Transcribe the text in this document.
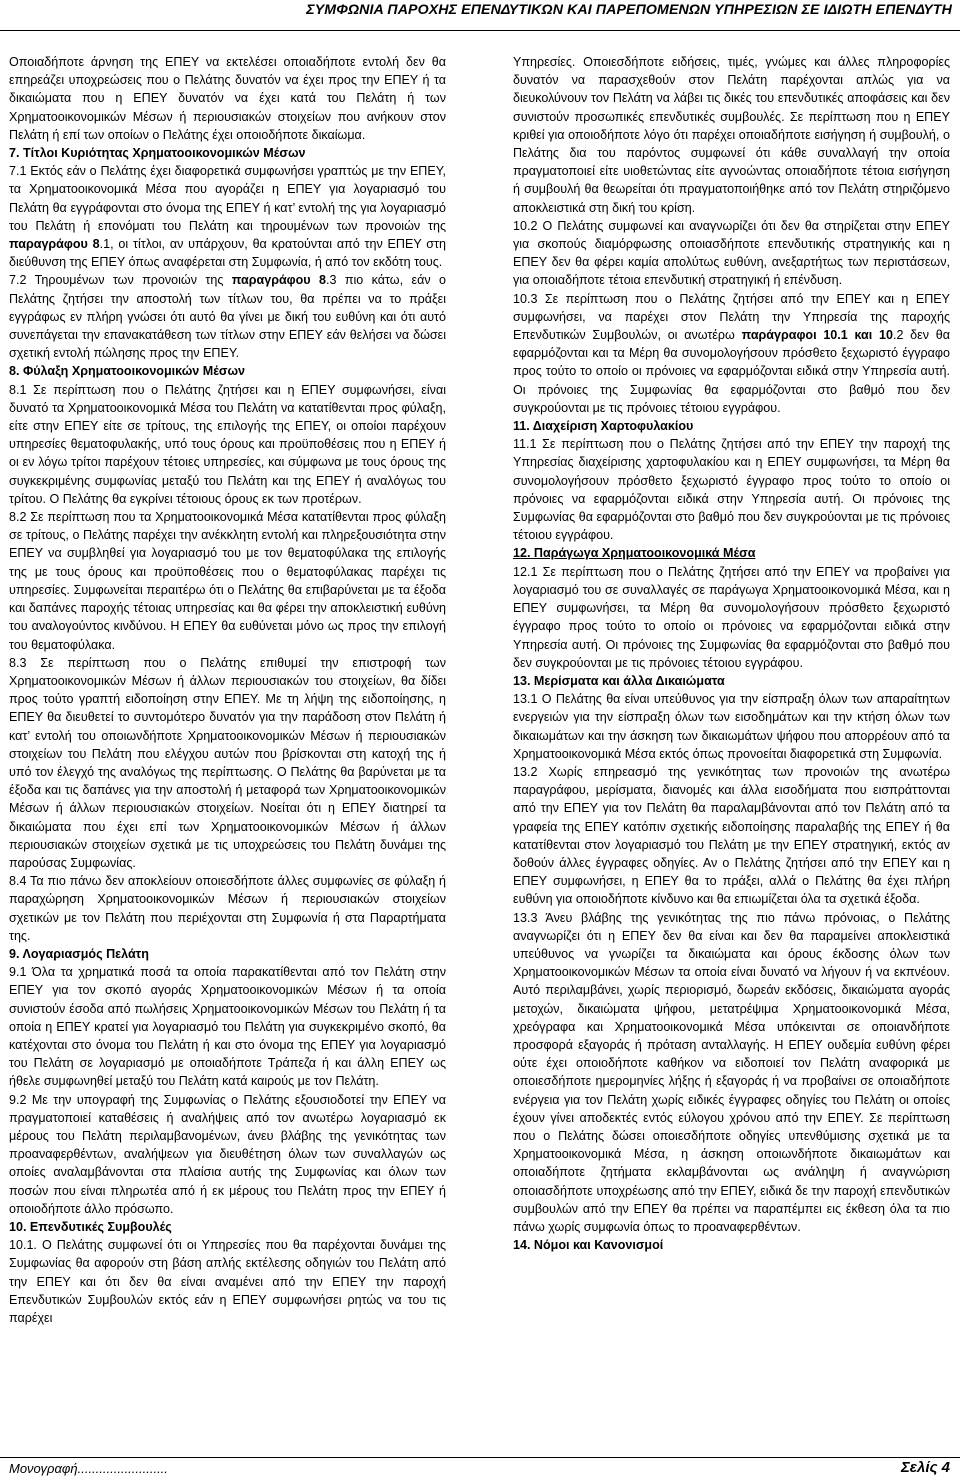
ΣΥΜΦΩΝΙΑ ΠΑΡΟΧΗΣ ΕΠΕΝΔΥΤΙΚΩΝ ΚΑΙ ΠΑΡΕΠΟΜΕΝΩΝ ΥΠΗΡΕΣΙΩΝ ΣΕ ΙΔΙΩΤΗ ΕΠΕΝΔΥΤΗ

Οποιαδήποτε άρνηση της ΕΠΕΥ να εκτελέσει οποιαδήποτε εντολή δεν θα επηρεάζει υποχρεώσεις που ο Πελάτης δυνατόν να έχει προς την ΕΠΕΥ ή τα δικαιώματα που η ΕΠΕΥ δυνατόν να έχει κατά του Πελάτη ή των Χρηματοοικονομικών Μέσων ή περιουσιακών στοιχείων που ανήκουν στον Πελάτη ή επί των οποίων ο Πελάτης έχει οποιοδήποτε δικαίωμα.

7. Τίτλοι Κυριότητας Χρηματοοικονομικών Μέσων

7.1 Εκτός εάν ο Πελάτης έχει διαφορετικά συμφωνήσει γραπτώς με την ΕΠΕΥ, τα Χρηματοοικονομικά Μέσα που αγοράζει η ΕΠΕΥ για λογαριασμό του Πελάτη θα εγγράφονται στο όνομα της ΕΠΕΥ ή κατ’ εντολή της για λογαριασμό του Πελάτη ή επονόματι του Πελάτη και τηρουμένων των προνοιών της παραγράφου 8.1, οι τίτλοι, αν υπάρχουν, θα κρατούνται από την ΕΠΕΥ στη διεύθυνση της ΕΠΕΥ όπως αναφέρεται στη Συμφωνία, ή από τον εκδότη τους.

7.2 Τηρουμένων των προνοιών της παραγράφου 8.3 πιο κάτω, εάν ο Πελάτης ζητήσει την αποστολή των τίτλων του, θα πρέπει να το πράξει εγγράφως εν πλήρη γνώσει ότι αυτό θα γίνει με δική του ευθύνη και ότι αυτό συνεπάγεται την επανακατάθεση των τίτλων στην ΕΠΕΥ εάν θελήσει να δώσει σχετική εντολή πώλησης προς την ΕΠΕΥ.

8. Φύλαξη Χρηματοοικονομικών Μέσων

8.1 Σε περίπτωση που ο Πελάτης ζητήσει και η ΕΠΕΥ συμφωνήσει, είναι δυνατό τα Χρηματοοικονομικά Μέσα του Πελάτη να κατατίθενται προς φύλαξη, είτε στην ΕΠΕΥ είτε σε τρίτους, της επιλογής της ΕΠΕΥ, οι οποίοι παρέχουν υπηρεσίες θεματοφυλακής, υπό τους όρους και προϋποθέσεις που η ΕΠΕΥ ή οι εν λόγω τρίτοι παρέχουν τέτοιες υπηρεσίες, και σύμφωνα με τους όρους της συγκεκριμένης συμφωνίας μεταξύ του Πελάτη και της ΕΠΕΥ ή αναλόγως του τρίτου. Ο Πελάτης θα εγκρίνει τέτοιους όρους εκ των προτέρων.

8.2 Σε περίπτωση που τα Χρηματοοικονομικά Μέσα κατατίθενται προς φύλαξη σε τρίτους, ο Πελάτης παρέχει την ανέκκλητη εντολή και πληρεξουσιότητα στην ΕΠΕΥ να συμβληθεί για λογαριασμό του με τον θεματοφύλακα της επιλογής της με τους όρους και προϋποθέσεις που ο θεματοφύλακας παρέχει τις υπηρεσίες. Συμφωνείται περαιτέρω ότι ο Πελάτης θα επιβαρύνεται με τα έξοδα και δαπάνες παροχής τέτοιας υπηρεσίας και θα φέρει την αποκλειστική ευθύνη του αναλογούντος κινδύνου. Η ΕΠΕΥ θα ευθύνεται μόνο ως προς την επιλογή του θεματοφύλακα.

8.3 Σε περίπτωση που ο Πελάτης επιθυμεί την επιστροφή των Χρηματοοικονομικών Μέσων ή άλλων περιουσιακών του στοιχείων, θα δίδει προς τούτο γραπτή ειδοποίηση στην ΕΠΕΥ. Με τη λήψη της ειδοποίησης, η ΕΠΕΥ θα διευθετεί το συντομότερο δυνατόν για την παράδοση στον Πελάτη ή κατ’ εντολή του οποιωνδήποτε Χρηματοοικονομικών Μέσων ή περιουσιακών στοιχείων του Πελάτη που ελέγχου αυτών που βρίσκονται στη κατοχή της ή υπό τον έλεγχό της αναλόγως της περίπτωσης. Ο Πελάτης θα βαρύνεται με τα έξοδα και τις δαπάνες για την αποστολή ή μεταφορά των Χρηματοοικονομικών Μέσων ή άλλων περιουσιακών στοιχείων. Νοείται ότι η ΕΠΕΥ διατηρεί τα δικαιώματα που έχει επί των Χρηματοοικονομικών Μέσων ή άλλων περιουσιακών στοιχείων σχετικά με τις υποχρεώσεις του Πελάτη δυνάμει της παρούσας Συμφωνίας.

8.4 Τα πιο πάνω δεν αποκλείουν οποιεσδήποτε άλλες συμφωνίες σε φύλαξη ή παραχώρηση Χρηματοοικονομικών Μέσων ή περιουσιακών στοιχείων σχετικών με τον Πελάτη που περιέχονται στη Συμφωνία ή στα Παραρτήματα της.

9. Λογαριασμός Πελάτη

9.1 Όλα τα χρηματικά ποσά τα οποία παρακατίθενται από τον Πελάτη στην ΕΠΕΥ για τον σκοπό αγοράς Χρηματοοικονομικών Μέσων ή τα οποία συνιστούν έσοδα από πωλήσεις Χρηματοοικονομικών Μέσων του Πελάτη ή τα οποία η ΕΠΕΥ κρατεί για λογαριασμό του Πελάτη για συγκεκριμένο σκοπό, θα κατέχονται στο όνομα του Πελάτη ή και στο όνομα της ΕΠΕΥ για λογαριασμό του Πελάτη σε λογαριασμό με οποιαδήποτε Τράπεζα ή και άλλη ΕΠΕΥ ως ήθελε συμφωνηθεί μεταξύ του Πελάτη κατά καιρούς με τον Πελάτη.

9.2 Με την υπογραφή της Συμφωνίας ο Πελάτης εξουσιοδοτεί την ΕΠΕΥ να πραγματοποιεί καταθέσεις ή αναλήψεις από τον ανωτέρω λογαριασμό εκ μέρους του Πελάτη περιλαμβανομένων, άνευ βλάβης της γενικότητας των προαναφερθέντων, αναλήψεων για διευθέτηση όλων των συναλλαγών ως οποίες αναλαμβάνονται στα πλαίσια αυτής της Συμφωνίας και όλων των ποσών που είναι πληρωτέα από ή εκ μέρους του Πελάτη προς την ΕΠΕΥ ή οποιοδήποτε άλλο πρόσωπο.

10. Επενδυτικές Συμβουλές

10.1. Ο Πελάτης συμφωνεί ότι οι Υπηρεσίες που θα παρέχονται δυνάμει της Συμφωνίας θα αφορούν στη βάση απλής εκτέλεσης οδηγιών του Πελάτη από την ΕΠΕΥ και ότι δεν θα είναι αναμένει από την ΕΠΕΥ την παροχή Επενδυτικών Συμβουλών εκτός εάν η ΕΠΕΥ συμφωνήσει ρητώς να του τις παρέχει

Υπηρεσίες. Οποιεσδήποτε ειδήσεις, τιμές, γνώμες και άλλες πληροφορίες δυνατόν να παρασχεθούν στον Πελάτη παρέχονται απλώς για να διευκολύνουν τον Πελάτη να λάβει τις δικές του επενδυτικές αποφάσεις και δεν συνιστούν προσωπικές επενδυτικές συμβουλές. Σε περίπτωση που η ΕΠΕΥ κριθεί για οποιοδήποτε λόγο ότι παρέχει οποιαδήποτε εισήγηση ή συμβουλή, ο Πελάτης δια του παρόντος συμφωνεί ότι κάθε συναλλαγή την οποία πραγματοποιεί είτε υιοθετώντας είτε αγνοώντας οποιαδήποτε τέτοια εισήγηση ή συμβουλή θα θεωρείται ότι πραγματοποιήθηκε από τον Πελάτη στηριζόμενο αποκλειστικά στη δική του κρίση.

10.2 Ο Πελάτης συμφωνεί και αναγνωρίζει ότι δεν θα στηρίζεται στην ΕΠΕΥ για σκοπούς διαμόρφωσης οποιασδήποτε επενδυτικής στρατηγικής και η ΕΠΕΥ δεν θα φέρει καμία απολύτως ευθύνη, ανεξαρτήτως των περιστάσεων, για οποιαδήποτε τέτοια επενδυτική στρατηγική ή επένδυση.

10.3 Σε περίπτωση που ο Πελάτης ζητήσει από την ΕΠΕΥ και η ΕΠΕΥ συμφωνήσει, να παρέχει στον Πελάτη την Υπηρεσία της παροχής Επενδυτικών Συμβουλών, οι ανωτέρω παράγραφοι 10.1 και 10.2 δεν θα εφαρμόζονται και τα Μέρη θα συνομολογήσουν πρόσθετο ξεχωριστό έγγραφο προς τούτο το οποίο οι πρόνοιες να εφαρμόζονται ειδικά στην Υπηρεσία αυτή. Οι πρόνοιες της Συμφωνίας θα εφαρμόζονται στο βαθμό που δεν συγκρούονται με τις πρόνοιες τέτοιου εγγράφου.

11. Διαχείριση Χαρτοφυλακίου

11.1 Σε περίπτωση που ο Πελάτης ζητήσει από την ΕΠΕΥ την παροχή της Υπηρεσίας διαχείρισης χαρτοφυλακίου και η ΕΠΕΥ συμφωνήσει, τα Μέρη θα συνομολογήσουν πρόσθετο ξεχωριστό έγγραφο προς τούτο το οποίο οι πρόνοιες να εφαρμόζονται ειδικά στην Υπηρεσία αυτή. Οι πρόνοιες της Συμφωνίας θα εφαρμόζονται στο βαθμό που δεν συγκρούονται με τις πρόνοιες τέτοιου εγγράφου.

12. Παράγωγα Χρηματοοικονομικά Μέσα

12.1 Σε περίπτωση που ο Πελάτης ζητήσει από την ΕΠΕΥ να προβαίνει για λογαριασμό του σε συναλλαγές σε παράγωγα Χρηματοοικονομικά Μέσα, και η ΕΠΕΥ συμφωνήσει, τα Μέρη θα συνομολογήσουν πρόσθετο ξεχωριστό έγγραφο προς τούτο το οποίο οι πρόνοιες να εφαρμόζονται ειδικά στην Υπηρεσία αυτή. Οι πρόνοιες της Συμφωνίας θα εφαρμόζονται στο βαθμό που δεν συγκρούονται με τις πρόνοιες τέτοιου εγγράφου.

13. Μερίσματα και άλλα Δικαιώματα

13.1 Ο Πελάτης θα είναι υπεύθυνος για την είσπραξη όλων των απαραίτητων ενεργειών για την είσπραξη όλων των εισοδημάτων και την κτήση όλων των δικαιωμάτων και την άσκηση των δικαιωμάτων ψήφου που απορρέουν από τα Χρηματοοικονομικά Μέσα εκτός όπως προνοείται διαφορετικά στη Συμφωνία.

13.2 Χωρίς επηρεασμό της γενικότητας των προνοιών της ανωτέρω παραγράφου, μερίσματα, διανομές και άλλα εισοδήματα που εισπράττονται από την ΕΠΕΥ για τον Πελάτη θα παραλαμβάνονται από τον Πελάτη από τα γραφεία της ΕΠΕΥ κατόπιν σχετικής ειδοποίησης παραλαβής της ΕΠΕΥ ή θα κατατίθενται στον λογαριασμό του Πελάτη με την ΕΠΕΥ στρατηγική, εκτός αν δοθούν άλλες έγγραφες οδηγίες. Αν ο Πελάτης ζητήσει από την ΕΠΕΥ και η ΕΠΕΥ συμφωνήσει, η ΕΠΕΥ θα το πράξει, αλλά ο Πελάτης θα έχει πλήρη ευθύνη για οποιοδήποτε κίνδυνο και θα επιωμίζεται όλα τα σχετικά έξοδα.

13.3 Άνευ βλάβης της γενικότητας της πιο πάνω πρόνοιας, ο Πελάτης αναγνωρίζει ότι η ΕΠΕΥ δεν θα είναι και δεν θα παραμείνει αποκλειστικά υπεύθυνος να γνωρίζει τα δικαιώματα και όρους έκδοσης όλων των Χρηματοοικονομικών Μέσων τα οποία είναι δυνατό να λήγουν ή να εκπνέουν. Αυτό περιλαμβάνει, χωρίς περιορισμό, δωρεάν εκδόσεις, δικαιώματα αγοράς μετοχών, δικαιώματα ψήφου, μετατρέψιμα Χρηματοοικονομικά Μέσα, χρεόγραφα και Χρηματοοικονομικά Μέσα υπόκεινται σε οποιανδήποτε προσφορά εξαγοράς ή πρόταση ανταλλαγής. Η ΕΠΕΥ ουδεμία ευθύνη φέρει ούτε έχει οποιοδήποτε καθήκον να ειδοποιεί τον Πελάτη αναφορικά με οποιεσδήποτε ημερομηνίες λήξης ή εξαγοράς ή να προβαίνει σε οποιαδήποτε ενέργεια για τον Πελάτη χωρίς ειδικές έγγραφες οδηγίες του Πελάτη οι οποίες έχουν γίνει αποδεκτές εντός εύλογου χρόνου από την ΕΠΕΥ. Σε περίπτωση που ο Πελάτης δώσει οποιεσδήποτε οδηγίες υπενθύμισης σχετικά με τα Χρηματοοικονομικά Μέσα, η άσκηση οποιωνδήποτε δικαιωμάτων και οποιαδήποτε ζητήματα εκλαμβάνονται ως ανάληψη ή αναγνώριση οποιασδήποτε υποχρέωσης από την ΕΠΕΥ, ειδικά δε την παροχή επενδυτικών συμβουλών από την ΕΠΕΥ θα πρέπει να παραπέμπει εις έκθεση όλα τα πιο πάνω χωρίς συμφωνία όπως το προαναφερθέντων.

14. Νόμοι και Κανονισμοί

Μονογραφή.........................	Σελίς 4
